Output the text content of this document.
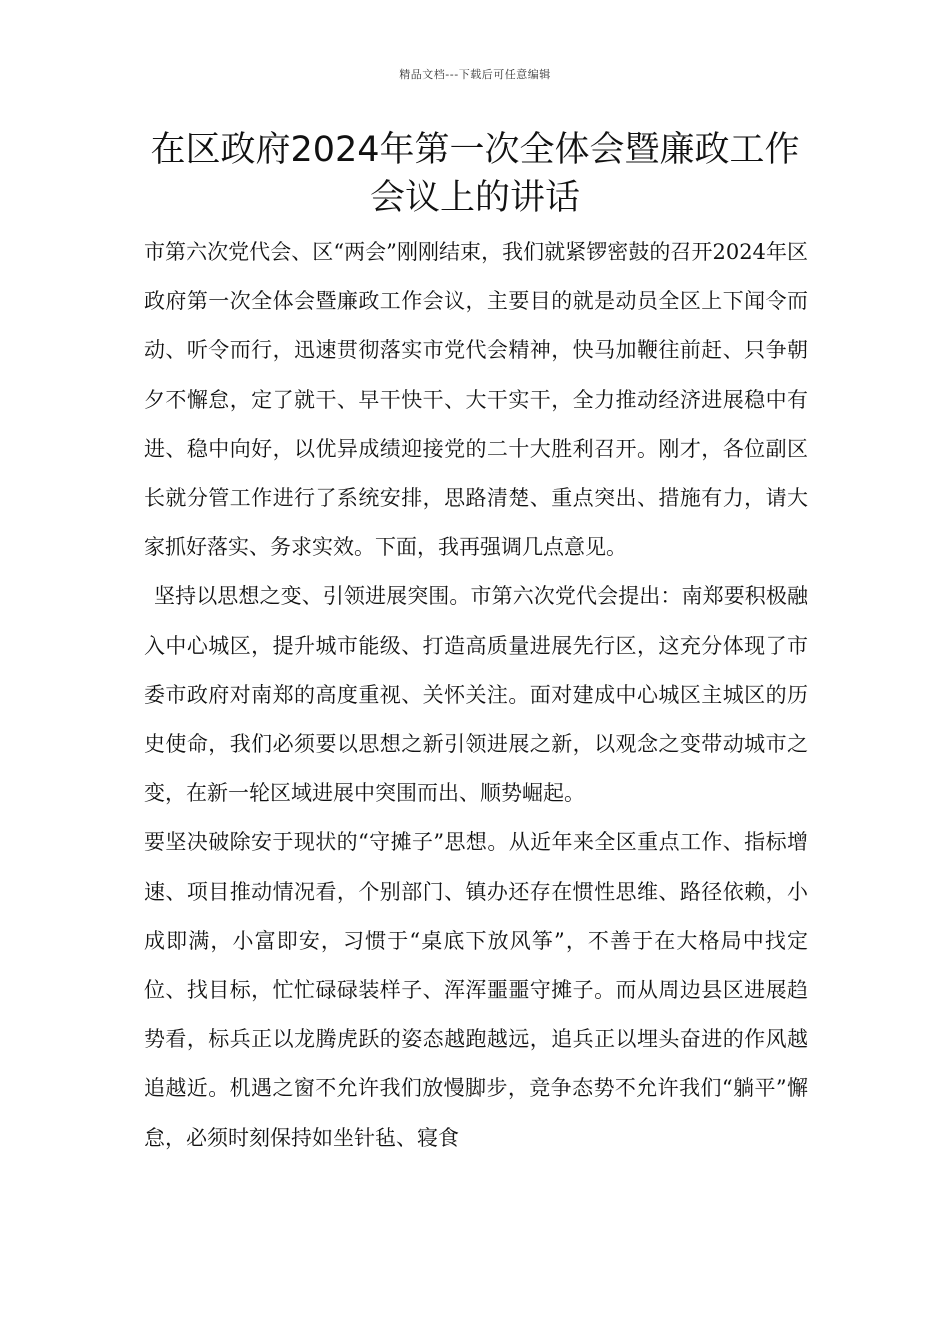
精品文档---下载后可任意编辑
在区政府2024年第一次全体会暨廉政工作会议上的讲话

市第六次党代会、区“两会”刚刚结束，我们就紧锣密鼓的召开2024年区政府第一次全体会暨廉政工作会议，主要目的就是动员全区上下闻令而动、听令而行，迅速贯彻落实市党代会精神，快马加鞭往前赶、只争朝夕不懈怠，定了就干、早干快干、大干实干，全力推动经济进展稳中有进、稳中向好，以优异成绩迎接党的二十大胜利召开。刚才，各位副区长就分管工作进行了系统安排，思路清楚、重点突出、措施有力，请大家抓好落实、务求实效。下面，我再强调几点意见。

坚持以思想之变、引领进展突围。市第六次党代会提出：南郑要积极融入中心城区，提升城市能级、打造高质量进展先行区，这充分体现了市委市政府对南郑的高度重视、关怀关注。面对建成中心城区主城区的历史使命，我们必须要以思想之新引领进展之新，以观念之变带动城市之变，在新一轮区域进展中突围而出、顺势崛起。

要坚决破除安于现状的“守摊子”思想。从近年来全区重点工作、指标增速、项目推动情况看，个别部门、镇办还存在惯性思维、路径依赖，小成即满，小富即安，习惯于“桌底下放风筝”，不善于在大格局中找定位、找目标，忙忙碌碌装样子、浑浑噩噩守摊子。而从周边县区进展趋势看，标兵正以龙腾虎跃的姿态越跑越远，追兵正以埋头奋进的作风越追越近。机遇之窗不允许我们放慢脚步，竞争态势不允许我们“躺平”懈怠，必须时刻保持如坐针毡、寝食
